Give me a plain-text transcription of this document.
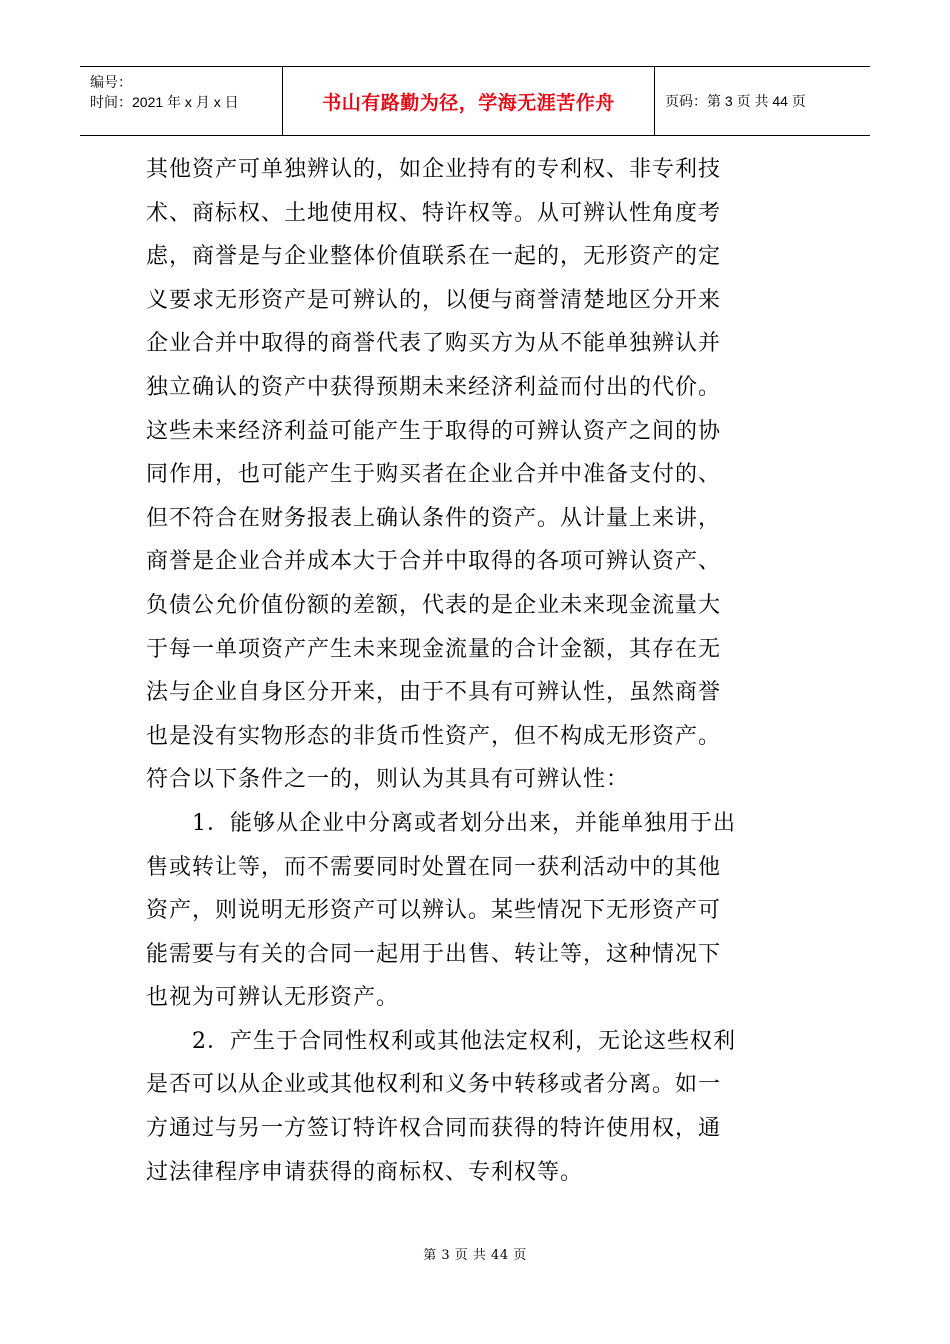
编号：
时间：2021 年 x 月 x 日	书山有路勤为径，学海无涯苦作舟	页码：第 3 页 共 44 页
其他资产可单独辨认的，如企业持有的专利权、非专利技
术、商标权、土地使用权、特许权等。从可辨认性角度考
虑，商誉是与企业整体价值联系在一起的，无形资产的定
义要求无形资产是可辨认的，以便与商誉清楚地区分开来
企业合并中取得的商誉代表了购买方为从不能单独辨认并
独立确认的资产中获得预期未来经济利益而付出的代价。
这些未来经济利益可能产生于取得的可辨认资产之间的协
同作用，也可能产生于购买者在企业合并中准备支付的、
但不符合在财务报表上确认条件的资产。从计量上来讲，
商誉是企业合并成本大于合并中取得的各项可辨认资产、
负债公允价值份额的差额，代表的是企业未来现金流量大
于每一单项资产产生未来现金流量的合计金额，其存在无
法与企业自身区分开来，由于不具有可辨认性，虽然商誉
也是没有实物形态的非货币性资产，但不构成无形资产。
符合以下条件之一的，则认为其具有可辨认性：
　　1．能够从企业中分离或者划分出来，并能单独用于出
售或转让等，而不需要同时处置在同一获利活动中的其他
资产，则说明无形资产可以辨认。某些情况下无形资产可
能需要与有关的合同一起用于出售、转让等，这种情况下
也视为可辨认无形资产。
　　2．产生于合同性权利或其他法定权利，无论这些权利
是否可以从企业或其他权利和义务中转移或者分离。如一
方通过与另一方签订特许权合同而获得的特许使用权，通
过法律程序申请获得的商标权、专利权等。
第 3 页 共 44 页
